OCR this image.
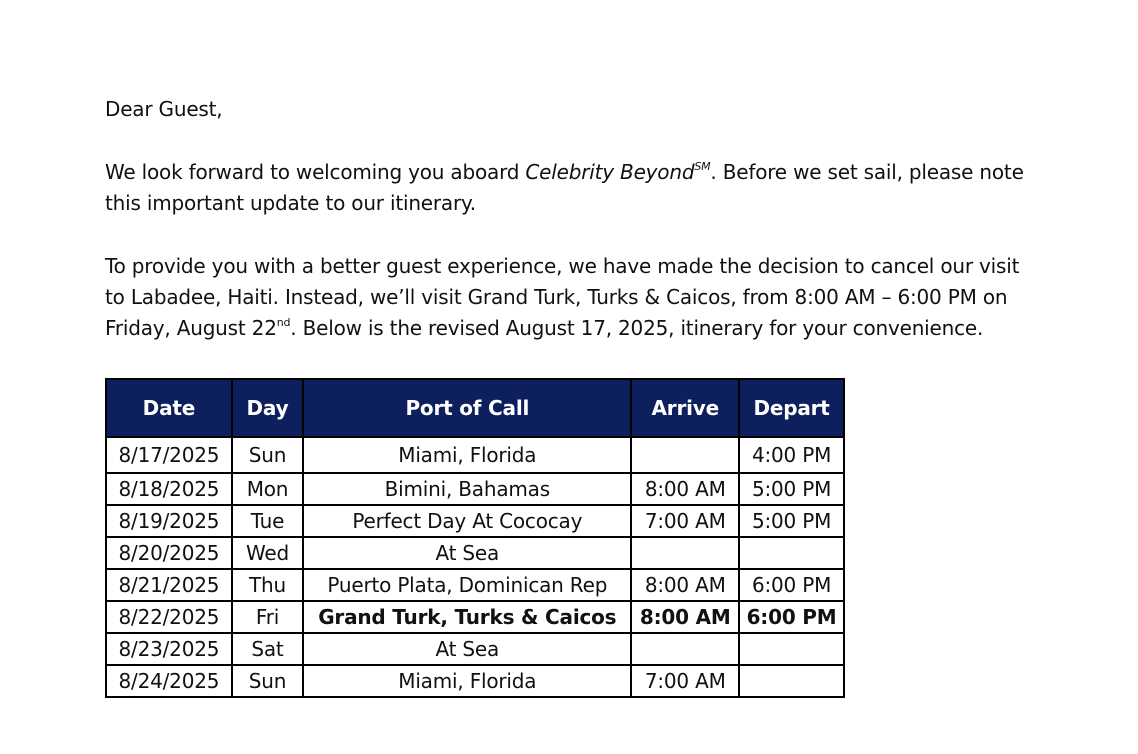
Dear Guest,

We look forward to welcoming you aboard Celebrity Beyond℠. Before we set sail, please note this important update to our itinerary.

To provide you with a better guest experience, we have made the decision to cancel our visit to Labadee, Haiti. Instead, we’ll visit Grand Turk, Turks & Caicos, from 8:00 AM – 6:00 PM on Friday, August 22nd. Below is the revised August 17, 2025, itinerary for your convenience.

Date	Day	Port of Call	Arrive	Depart
8/17/2025	Sun	Miami, Florida		4:00 PM
8/18/2025	Mon	Bimini, Bahamas	8:00 AM	5:00 PM
8/19/2025	Tue	Perfect Day At Cococay	7:00 AM	5:00 PM
8/20/2025	Wed	At Sea		
8/21/2025	Thu	Puerto Plata, Dominican Rep	8:00 AM	6:00 PM
8/22/2025	Fri	Grand Turk, Turks & Caicos	8:00 AM	6:00 PM
8/23/2025	Sat	At Sea		
8/24/2025	Sun	Miami, Florida	7:00 AM	
